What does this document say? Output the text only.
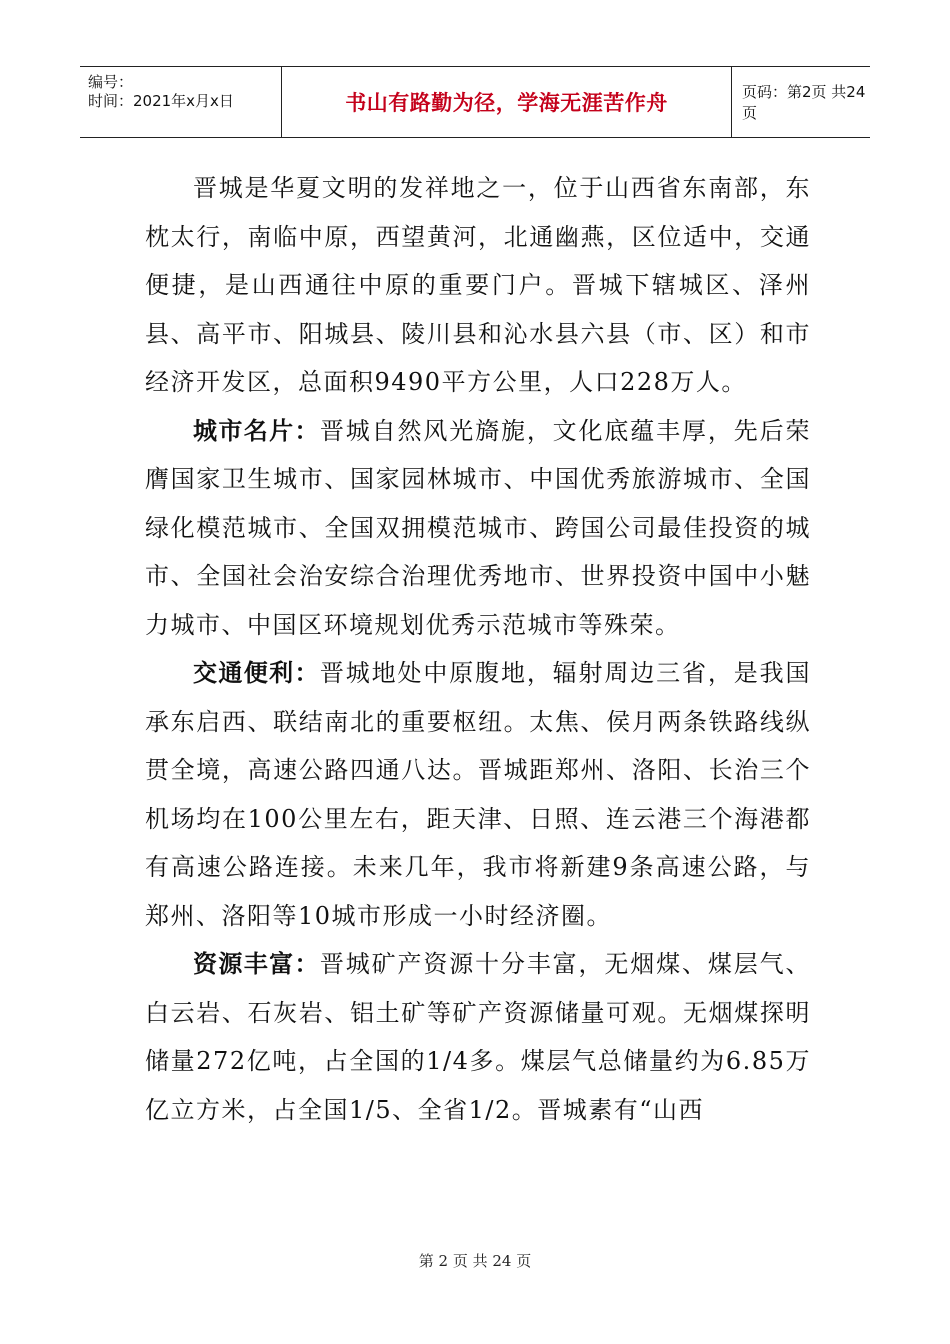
编号：
时间：2021年x月x日	书山有路勤为径，学海无涯苦作舟	页码：第2页 共24页

晋城是华夏文明的发祥地之一，位于山西省东南部，东枕太行，南临中原，西望黄河，北通幽燕，区位适中，交通便捷，是山西通往中原的重要门户。晋城下辖城区、泽州县、高平市、阳城县、陵川县和沁水县六县（市、区）和市经济开发区，总面积9490平方公里，人口228万人。

城市名片：晋城自然风光旖旎，文化底蕴丰厚，先后荣膺国家卫生城市、国家园林城市、中国优秀旅游城市、全国绿化模范城市、全国双拥模范城市、跨国公司最佳投资的城市、全国社会治安综合治理优秀地市、世界投资中国中小魅力城市、中国区环境规划优秀示范城市等殊荣。

交通便利：晋城地处中原腹地，辐射周边三省，是我国承东启西、联结南北的重要枢纽。太焦、侯月两条铁路线纵贯全境，高速公路四通八达。晋城距郑州、洛阳、长治三个机场均在100公里左右，距天津、日照、连云港三个海港都有高速公路连接。未来几年，我市将新建9条高速公路，与郑州、洛阳等10城市形成一小时经济圈。

资源丰富：晋城矿产资源十分丰富，无烟煤、煤层气、白云岩、石灰岩、铝土矿等矿产资源储量可观。无烟煤探明储量272亿吨，占全国的1/4多。煤层气总储量约为6.85万亿立方米，占全国1/5、全省1/2。晋城素有“山西

第 2 页 共 24 页
